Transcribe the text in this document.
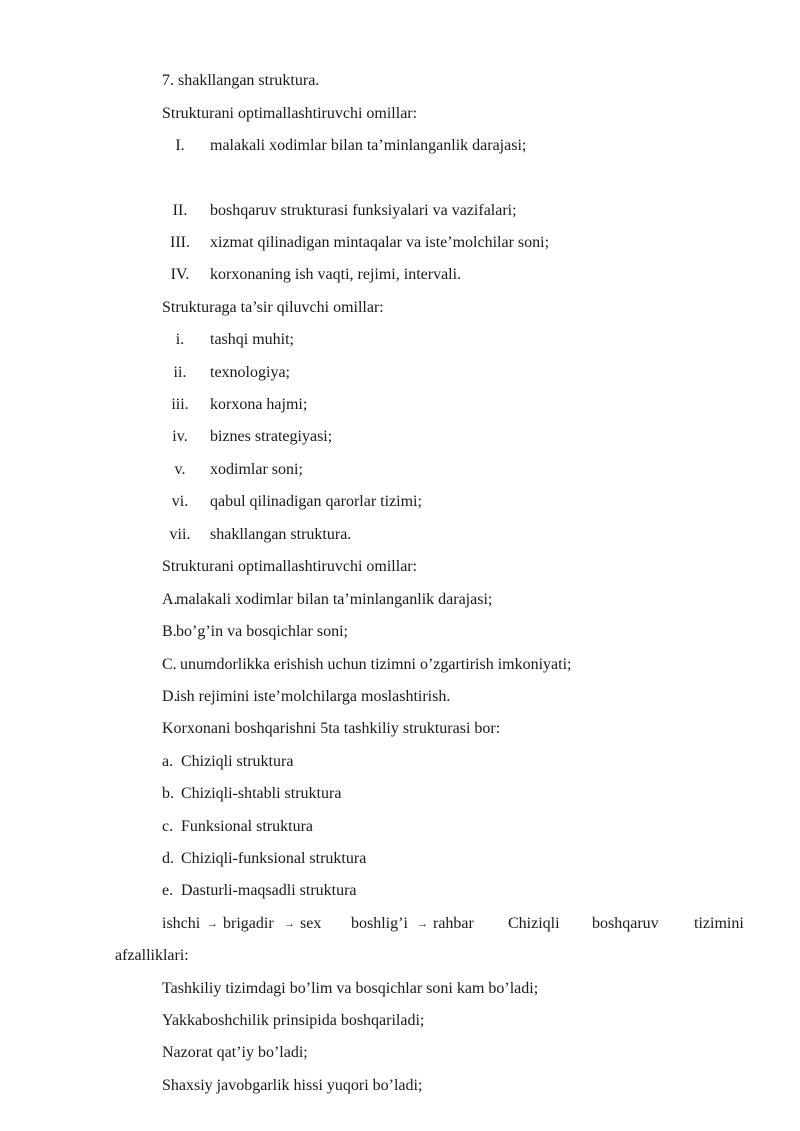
7. shakllangan struktura.
Strukturani optimallashtiruvchi omillar:
I.	malakali xodimlar bilan ta’minlanganlik darajasi;
II.	boshqaruv strukturasi funksiyalari va vazifalari;
III.	xizmat qilinadigan mintaqalar va iste’molchilar soni;
IV.	korxonaning ish vaqti, rejimi, intervali.
Strukturaga ta’sir qiluvchi omillar:
i.	tashqi muhit;
ii.	texnologiya;
iii.	korxona hajmi;
iv.	biznes strategiyasi;
v.	xodimlar soni;
vi.	qabul qilinadigan qarorlar tizimi;
vii.	shakllangan struktura.
Strukturani optimallashtiruvchi omillar:
A.
malakali xodimlar bilan ta’minlanganlik darajasi;
B. bo’g’in va bosqichlar soni;
C. unumdorlikka erishish uchun tizimni o’zgartirish imkoniyati;
D.
ish rejimini iste’molchilarga moslashtirish.
Korxonani boshqarishni 5ta tashkiliy strukturasi bor:
a. Chiziqli struktura
b. Chiziqli-shtabli struktura
c. Funksional struktura
d. Chiziqli-funksional struktura
e. Dasturli-maqsadli struktura
ishchi → brigadir → sex boshlig’i → rahbar Chiziqli boshqaruv tizimini
afzalliklari:
Tashkiliy tizimdagi bo’lim va bosqichlar soni kam bo’ladi;
Yakkaboshchilik prinsipida boshqariladi;
Nazorat qat’iy bo’ladi;
Shaxsiy javobgarlik hissi yuqori bo’ladi;
